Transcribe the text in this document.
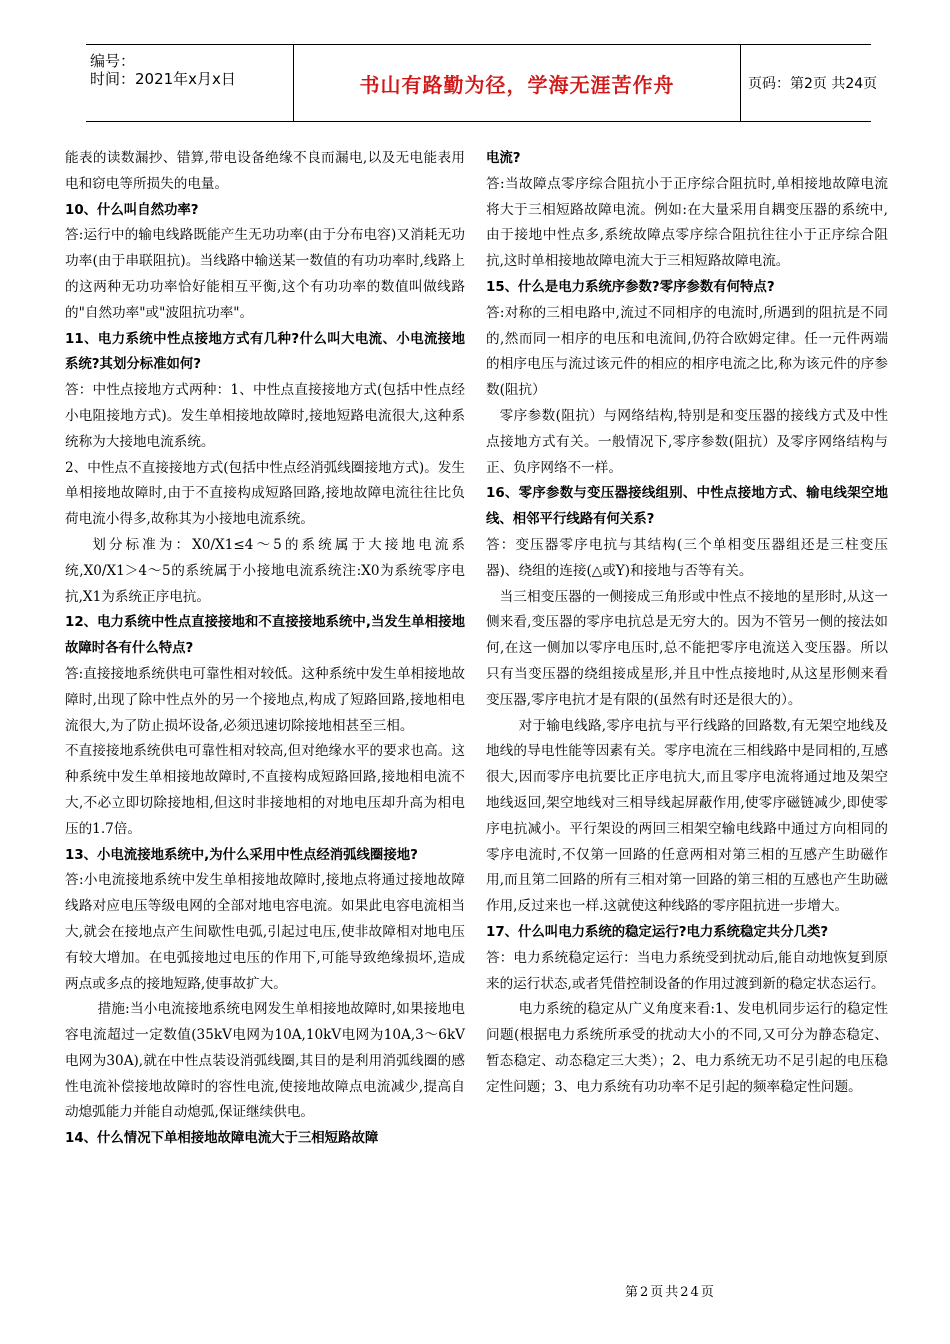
编号：
时间：2021年x月x日	书山有路勤为径，学海无涯苦作舟	页码：第2页 共24页

能表的读数漏抄、错算,带电设备绝缘不良而漏电,以及无电能表用电和窃电等所损失的电量。

10、什么叫自然功率?

答:运行中的输电线路既能产生无功功率(由于分布电容)又消耗无功功率(由于串联阻抗)。当线路中输送某一数值的有功功率时,线路上的这两种无功功率恰好能相互平衡,这个有功功率的数值叫做线路的"自然功率"或"波阻抗功率"。

11、电力系统中性点接地方式有几种?什么叫大电流、小电流接地系统?其划分标准如何?

答：中性点接地方式两种：1、中性点直接接地方式(包括中性点经小电阻接地方式)。发生单相接地故障时,接地短路电流很大,这种系统称为大接地电流系统。

2、中性点不直接接地方式(包括中性点经消弧线圈接地方式)。发生单相接地故障时,由于不直接构成短路回路,接地故障电流往往比负荷电流小得多,故称其为小接地电流系统。

划分标准为：X0/X1≤4～5的系统属于大接地电流系统,X0/X1＞4～5的系统属于小接地电流系统注:X0为系统零序电抗,X1为系统正序电抗。

12、电力系统中性点直接接地和不直接接地系统中,当发生单相接地故障时各有什么特点?

答:直接接地系统供电可靠性相对较低。这种系统中发生单相接地故障时,出现了除中性点外的另一个接地点,构成了短路回路,接地相电流很大,为了防止损坏设备,必须迅速切除接地相甚至三相。

不直接接地系统供电可靠性相对较高,但对绝缘水平的要求也高。这种系统中发生单相接地故障时,不直接构成短路回路,接地相电流不大,不必立即切除接地相,但这时非接地相的对地电压却升高为相电压的1.7倍。

13、小电流接地系统中,为什么采用中性点经消弧线圈接地?

答:小电流接地系统中发生单相接地故障时,接地点将通过接地故障线路对应电压等级电网的全部对地电容电流。如果此电容电流相当大,就会在接地点产生间歇性电弧,引起过电压,使非故障相对地电压有较大增加。在电弧接地过电压的作用下,可能导致绝缘损坏,造成两点或多点的接地短路,使事故扩大。

措施:当小电流接地系统电网发生单相接地故障时,如果接地电容电流超过一定数值(35kV电网为10A,10kV电网为10A,3～6kV电网为30A),就在中性点装设消弧线圈,其目的是利用消弧线圈的感性电流补偿接地故障时的容性电流,使接地故障点电流减少,提高自动熄弧能力并能自动熄弧,保证继续供电。

14、什么情况下单相接地故障电流大于三相短路故障

电流?

答:当故障点零序综合阻抗小于正序综合阻抗时,单相接地故障电流将大于三相短路故障电流。例如:在大量采用自耦变压器的系统中,由于接地中性点多,系统故障点零序综合阻抗往往小于正序综合阻抗,这时单相接地故障电流大于三相短路故障电流。

15、什么是电力系统序参数?零序参数有何特点?

答:对称的三相电路中,流过不同相序的电流时,所遇到的阻抗是不同的,然而同一相序的电压和电流间,仍符合欧姆定律。任一元件两端的相序电压与流过该元件的相应的相序电流之比,称为该元件的序参数(阻抗）

零序参数(阻抗）与网络结构,特别是和变压器的接线方式及中性点接地方式有关。一般情况下,零序参数(阻抗）及零序网络结构与正、负序网络不一样。

16、零序参数与变压器接线组别、中性点接地方式、输电线架空地线、相邻平行线路有何关系?

答：变压器零序电抗与其结构(三个单相变压器组还是三柱变压器)、绕组的连接(△或Y)和接地与否等有关。

当三相变压器的一侧接成三角形或中性点不接地的星形时,从这一侧来看,变压器的零序电抗总是无穷大的。因为不管另一侧的接法如何,在这一侧加以零序电压时,总不能把零序电流送入变压器。所以只有当变压器的绕组接成星形,并且中性点接地时,从这星形侧来看变压器,零序电抗才是有限的(虽然有时还是很大的）。

对于输电线路,零序电抗与平行线路的回路数,有无架空地线及地线的导电性能等因素有关。零序电流在三相线路中是同相的,互感很大,因而零序电抗要比正序电抗大,而且零序电流将通过地及架空地线返回,架空地线对三相导线起屏蔽作用,使零序磁链减少,即使零序电抗减小。平行架设的两回三相架空输电线路中通过方向相同的零序电流时,不仅第一回路的任意两相对第三相的互感产生助磁作用,而且第二回路的所有三相对第一回路的第三相的互感也产生助磁作用,反过来也一样.这就使这种线路的零序阻抗进一步增大。

17、什么叫电力系统的稳定运行?电力系统稳定共分几类?

答：电力系统稳定运行：当电力系统受到扰动后,能自动地恢复到原来的运行状态,或者凭借控制设备的作用过渡到新的稳定状态运行。

电力系统的稳定从广义角度来看:1、发电机同步运行的稳定性问题(根据电力系统所承受的扰动大小的不同,又可分为静态稳定、暂态稳定、动态稳定三大类）；2、电力系统无功不足引起的电压稳定性问题；3、电力系统有功功率不足引起的频率稳定性问题。

第2页共24页
